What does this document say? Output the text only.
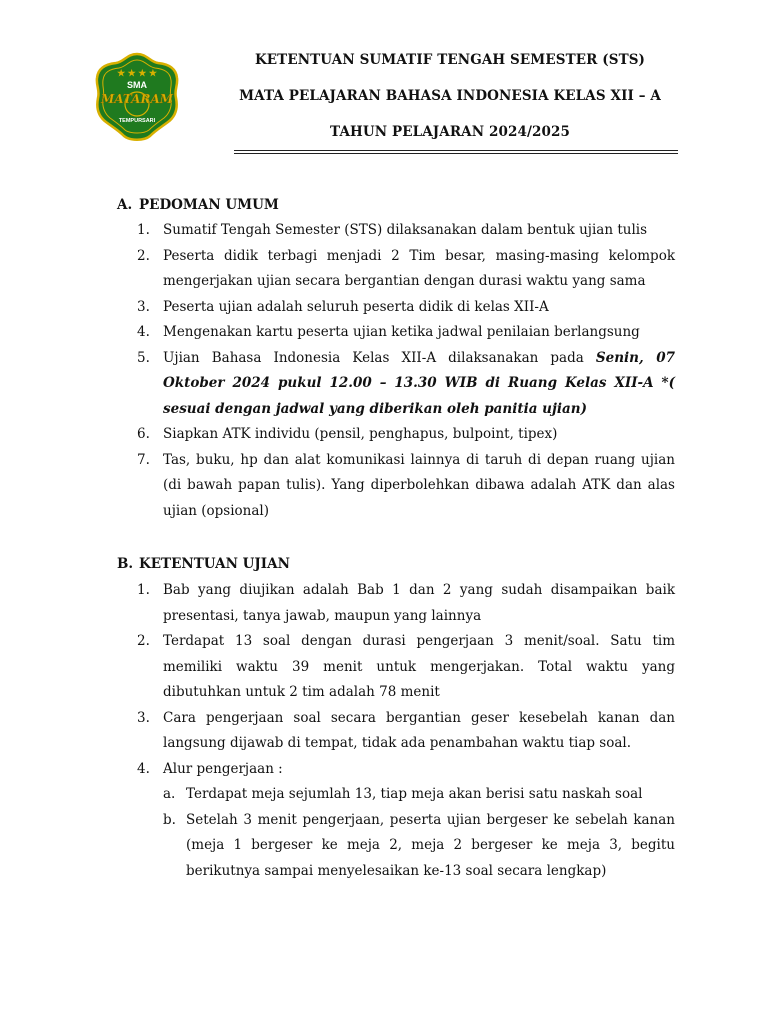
★ ★ ★ ★
SMA
MATARAM
TEMPURSARI
KETENTUAN SUMATIF TENGAH SEMESTER (STS)
MATA PELAJARAN BAHASA INDONESIA KELAS XII – A
TAHUN PELAJARAN 2024/2025
A. PEDOMAN UMUM
1. Sumatif Tengah Semester (STS) dilaksanakan dalam bentuk ujian tulis
2. Peserta didik terbagi menjadi 2 Tim besar, masing-masing kelompok mengerjakan ujian secara bergantian dengan durasi waktu yang sama
3. Peserta ujian adalah seluruh peserta didik di kelas XII-A
4. Mengenakan kartu peserta ujian ketika jadwal penilaian berlangsung
5. Ujian Bahasa Indonesia Kelas XII-A dilaksanakan pada Senin, 07 Oktober 2024 pukul 12.00 – 13.30 WIB di Ruang Kelas XII-A *( sesuai dengan jadwal yang diberikan oleh panitia ujian)
6. Siapkan ATK individu (pensil, penghapus, bulpoint, tipex)
7. Tas, buku, hp dan alat komunikasi lainnya di taruh di depan ruang ujian (di bawah papan tulis). Yang diperbolehkan dibawa adalah ATK dan alas ujian (opsional)
B. KETENTUAN UJIAN
1. Bab yang diujikan adalah Bab 1 dan 2 yang sudah disampaikan baik presentasi, tanya jawab, maupun yang lainnya
2. Terdapat 13 soal dengan durasi pengerjaan 3 menit/soal. Satu tim memiliki waktu 39 menit untuk mengerjakan. Total waktu yang dibutuhkan untuk 2 tim adalah 78 menit
3. Cara pengerjaan soal secara bergantian geser kesebelah kanan dan langsung dijawab di tempat, tidak ada penambahan waktu tiap soal.
4. Alur pengerjaan :
a. Terdapat meja sejumlah 13, tiap meja akan berisi satu naskah soal
b. Setelah 3 menit pengerjaan, peserta ujian bergeser ke sebelah kanan (meja 1 bergeser ke meja 2, meja 2 bergeser ke meja 3, begitu berikutnya sampai menyelesaikan ke-13 soal secara lengkap)
